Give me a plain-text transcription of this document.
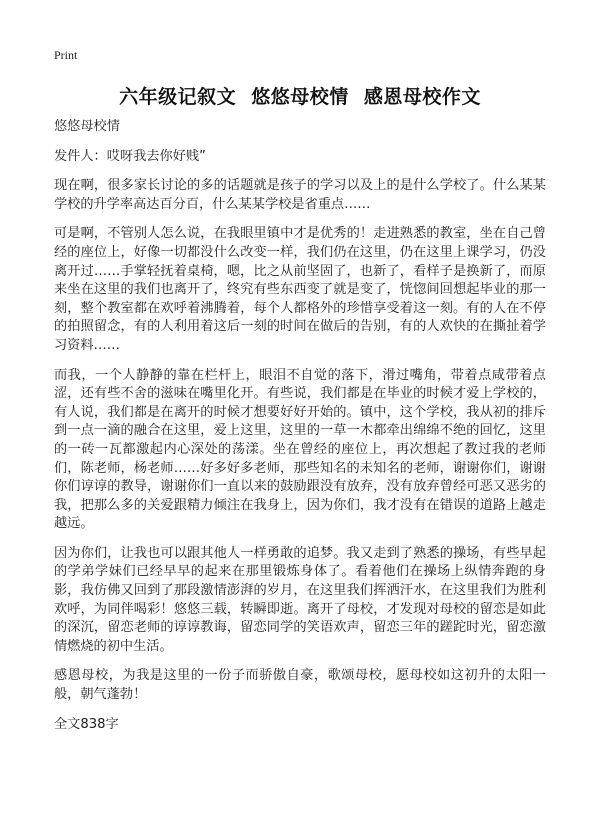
Print
六年级记叙文 悠悠母校情 感恩母校作文

悠悠母校情

发件人：哎呀我去你好贱”

现在啊，很多家长讨论的多的话题就是孩子的学习以及上的是什么学校了。什么某某学校的升学率高达百分百，什么某某学校是省重点……

可是啊，不管别人怎么说，在我眼里镇中才是优秀的！走进熟悉的教室，坐在自己曾经的座位上，好像一切都没什么改变一样，我们仍在这里，仍在这里上课学习，仍没离开过……手掌轻抚着桌椅，嗯，比之从前坚固了，也新了，看样子是换新了，而原来坐在这里的我们也离开了，终究有些东西变了就是变了，恍惚间回想起毕业的那一刻，整个教室都在欢呼着沸腾着，每个人都格外的珍惜享受着这一刻。有的人在不停的拍照留念，有的人利用着这后一刻的时间在做后的告别，有的人欢快的在撕扯着学习资料……

而我，一个人静静的靠在栏杆上，眼泪不自觉的落下，滑过嘴角，带着点咸带着点涩，还有些不舍的滋味在嘴里化开。有些说，我们都是在毕业的时候才爱上学校的，有人说，我们都是在离开的时候才想要好好开始的。镇中，这个学校，我从初的排斥到一点一滴的融合在这里，爱上这里，这里的一草一木都牵出绵绵不绝的回忆，这里的一砖一瓦都激起内心深处的荡漾。坐在曾经的座位上，再次想起了教过我的老师们，陈老师，杨老师……好多好多老师，那些知名的未知名的老师，谢谢你们，谢谢你们谆谆的教导，谢谢你们一直以来的鼓励跟没有放弃，没有放弃曾经可恶又恶劣的我，把那么多的关爱跟精力倾注在我身上，因为你们，我才没有在错误的道路上越走越远。

因为你们，让我也可以跟其他人一样勇敢的追梦。我又走到了熟悉的操场，有些早起的学弟学妹们已经早早的起来在那里锻炼身体了。看着他们在操场上纵情奔跑的身影，我仿佛又回到了那段激情澎湃的岁月，在这里我们挥洒汗水，在这里我们为胜利欢呼，为同伴喝彩！悠悠三载，转瞬即逝。离开了母校，才发现对母校的留恋是如此的深沉，留恋老师的谆谆教诲，留恋同学的笑语欢声，留恋三年的蹉跎时光，留恋激情燃烧的初中生活。

感恩母校，为我是这里的一份子而骄傲自豪，歌颂母校，愿母校如这初升的太阳一般，朝气蓬勃！

全文838字
